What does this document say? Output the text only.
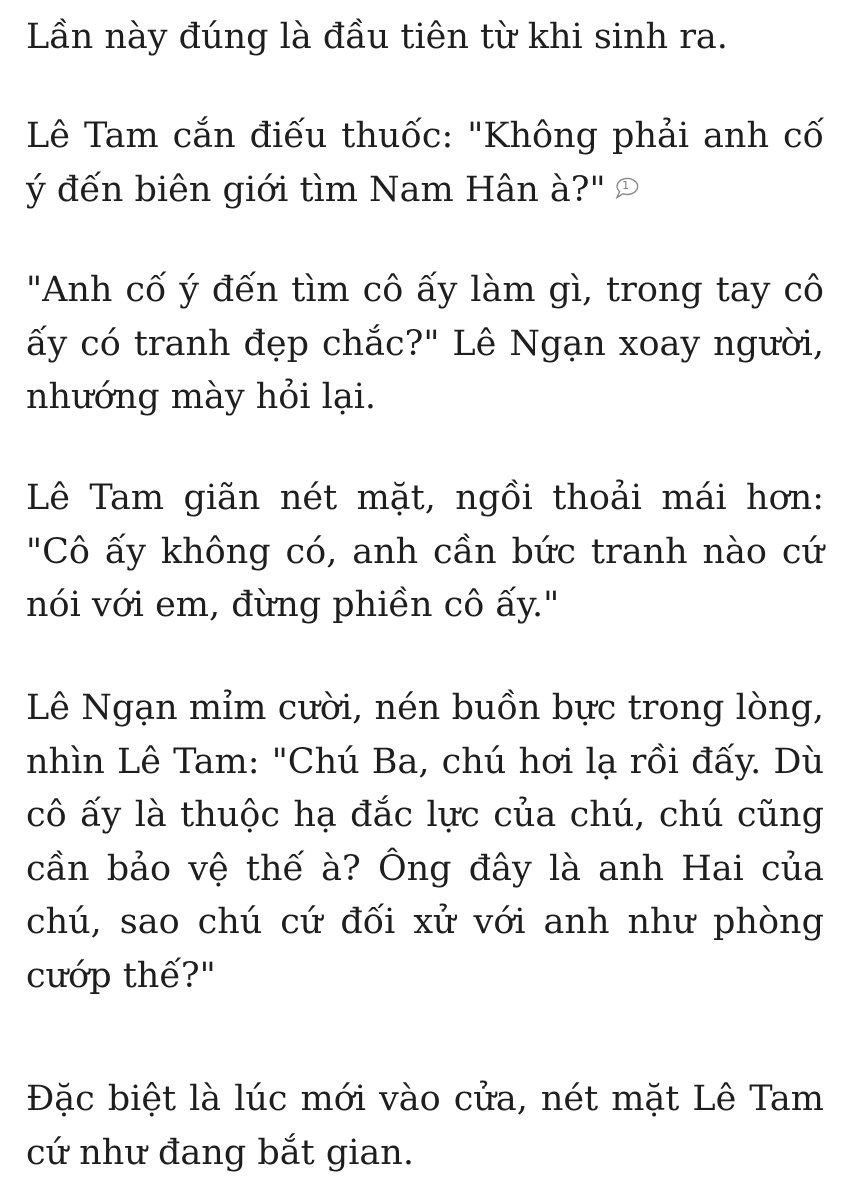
Lần này đúng là đầu tiên từ khi sinh ra.

Lê Tam cắn điếu thuốc: "Không phải anh cố ý đến biên giới tìm Nam Hân à?"	1

"Anh cố ý đến tìm cô ấy làm gì, trong tay cô ấy có tranh đẹp chắc?" Lê Ngạn xoay người, nhướng mày hỏi lại.

Lê Tam giãn nét mặt, ngồi thoải mái hơn: "Cô ấy không có, anh cần bức tranh nào cứ nói với em, đừng phiền cô ấy."

Lê Ngạn mỉm cười, nén buồn bực trong lòng, nhìn Lê Tam: "Chú Ba, chú hơi lạ rồi đấy. Dù cô ấy là thuộc hạ đắc lực của chú, chú cũng cần bảo vệ thế à? Ông đây là anh Hai của chú, sao chú cứ đối xử với anh như phòng cướp thế?"

Đặc biệt là lúc mới vào cửa, nét mặt Lê Tam cứ như đang bắt gian.
